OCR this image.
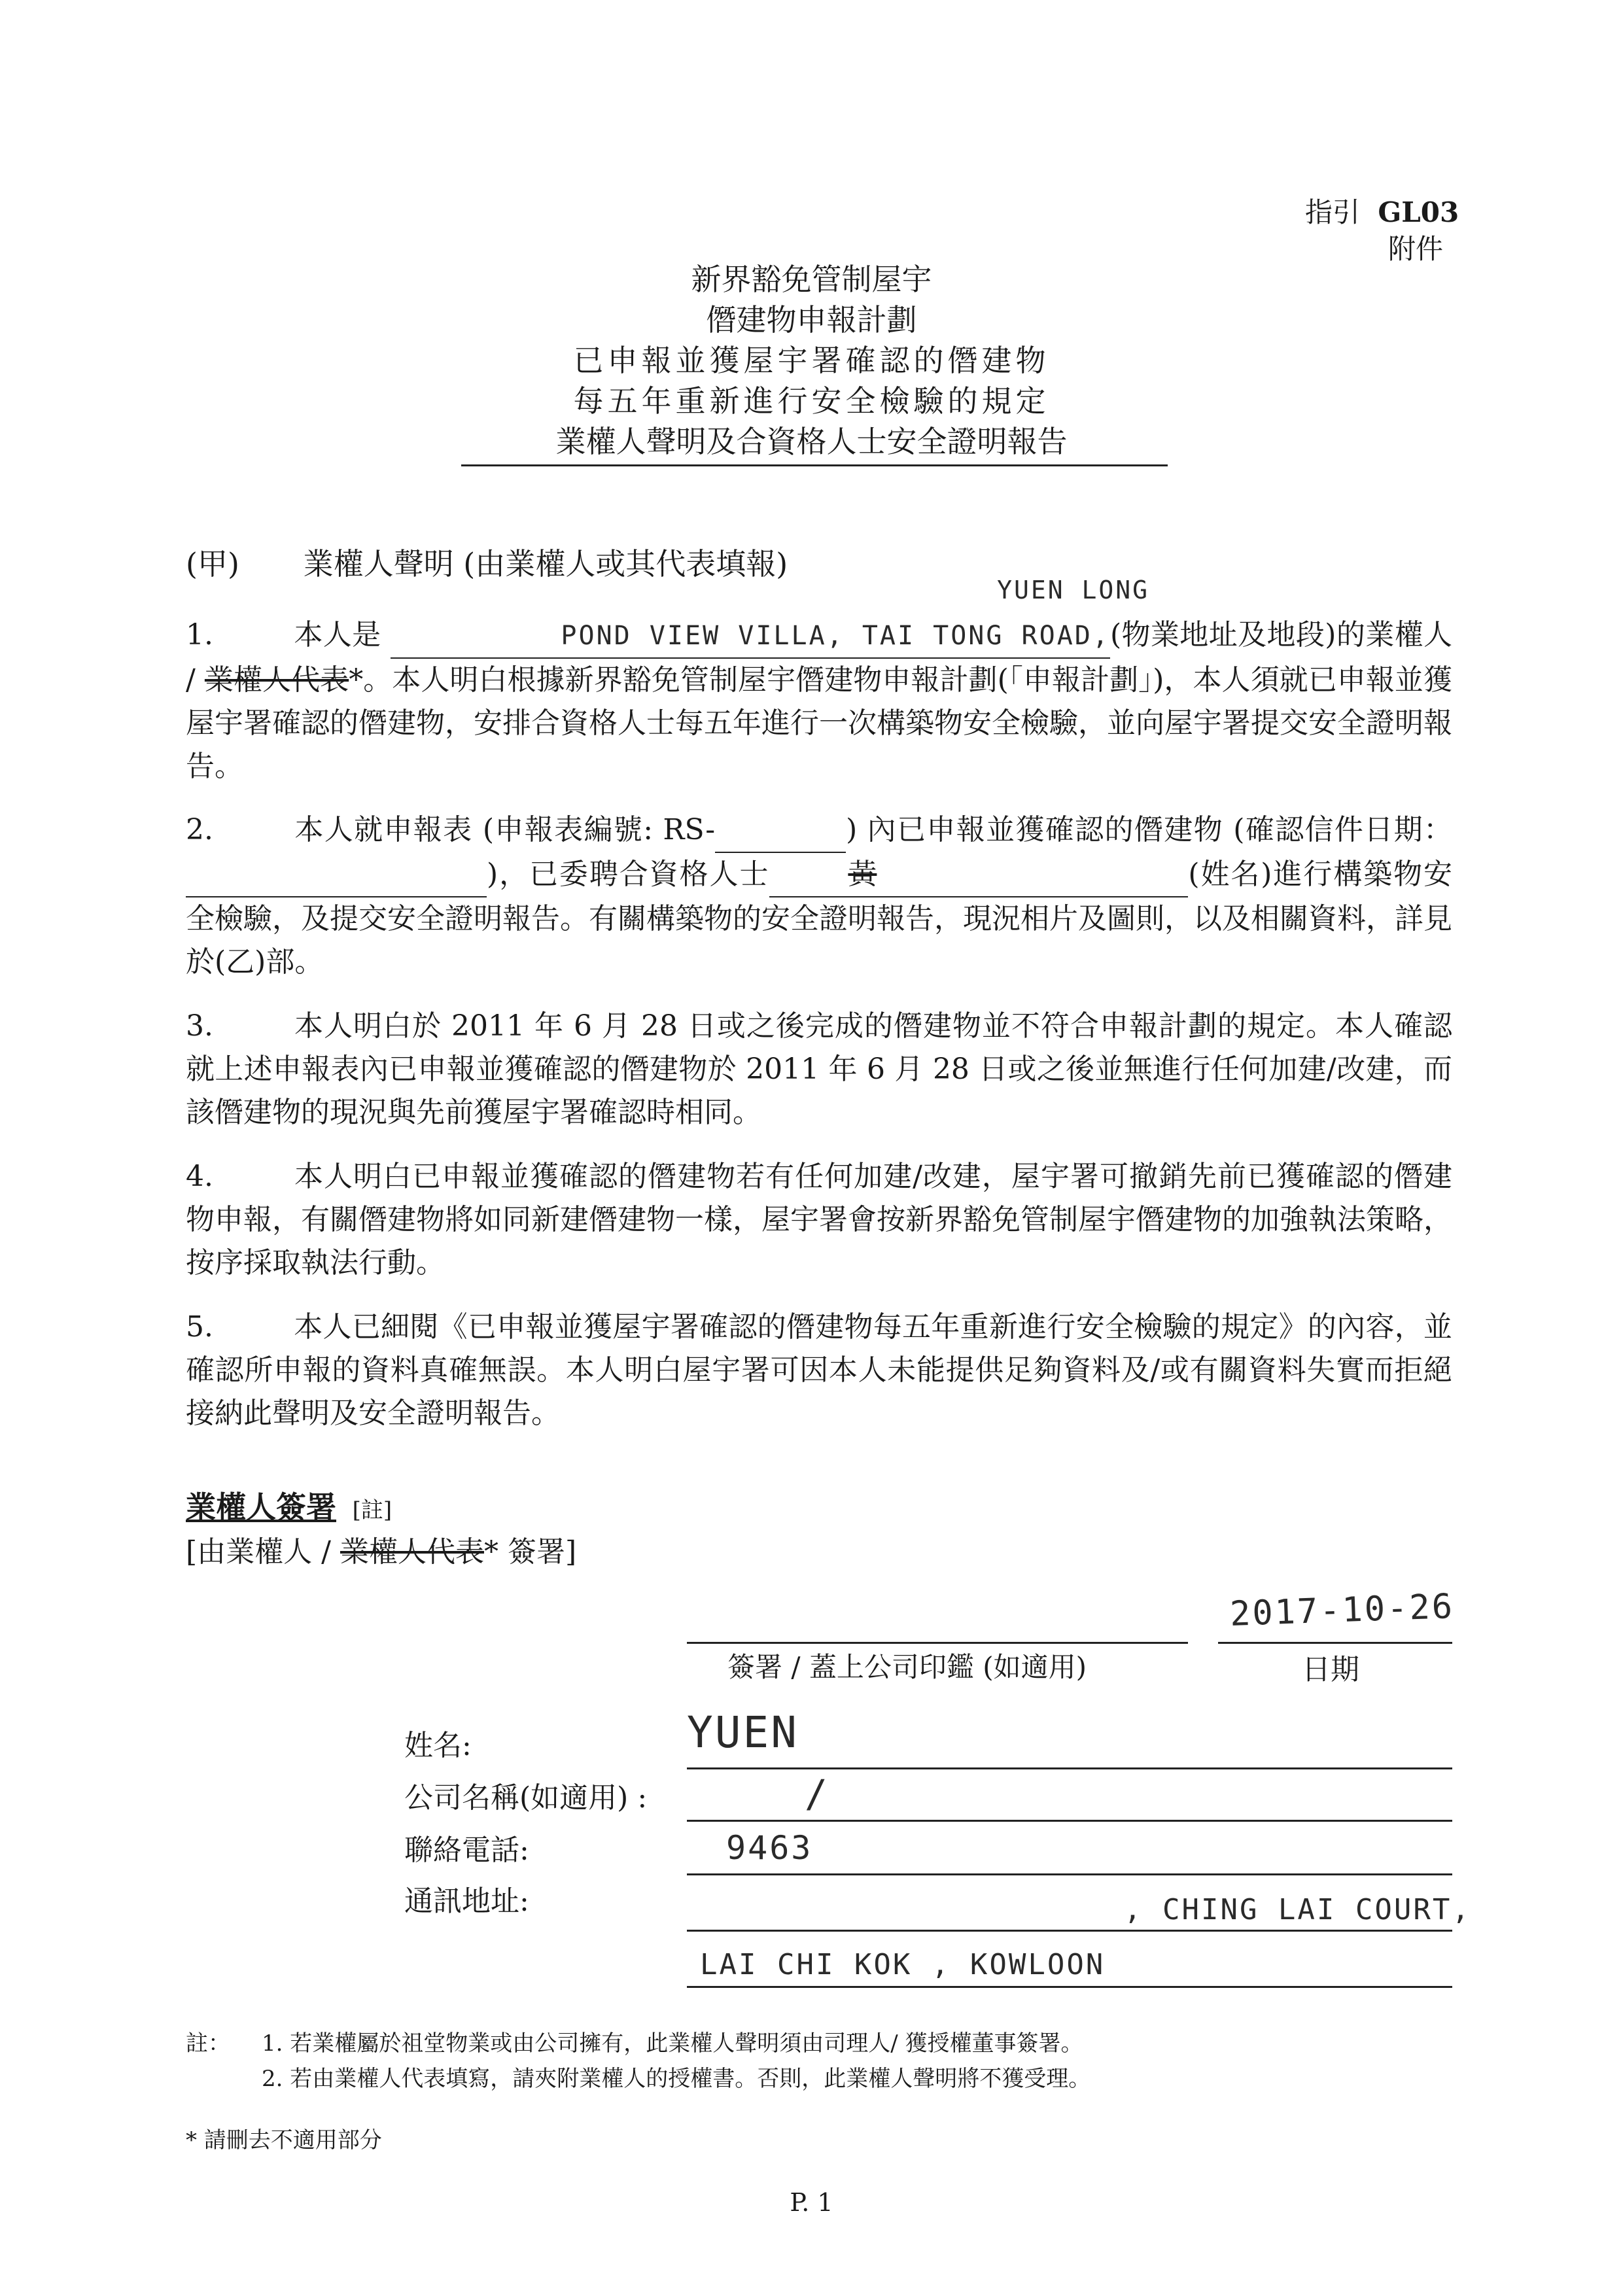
指引 GL03
附件
新界豁免管制屋宇
僭建物申報計劃
已申報並獲屋宇署確認的僭建物
每五年重新進行安全檢驗的規定
業權人聲明及合資格人士安全證明報告
(甲) 業權人聲明 (由業權人或其代表填報)
1.	本人是	POND VIEW VILLA, TAI TONG ROAD,
YUEN LONG
(物業地址及地段)的業權人 / 業權人代表*。本人明白根據新界豁免管制屋宇僭建物申報計劃(「申報計劃」)，本人須就已申報並獲屋宇署確認的僭建物，安排合資格人士每五年進行一次構築物安全檢驗，並向屋宇署提交安全證明報告。
2.	本人就申報表 (申報表編號: RS-	) 內已申報並獲確認的僭建物 (確認信件日期： )，已委聘合資格人士	黃	(姓名)進行構築物安全檢驗，及提交安全證明報告。有關構築物的安全證明報告，現況相片及圖則，以及相關資料，詳見於(乙)部。
3.	本人明白於 2011 年 6 月 28 日或之後完成的僭建物並不符合申報計劃的規定。本人確認就上述申報表內已申報並獲確認的僭建物於 2011 年 6 月 28 日或之後並無進行任何加建/改建，而該僭建物的現況與先前獲屋宇署確認時相同。
4.	本人明白已申報並獲確認的僭建物若有任何加建/改建，屋宇署可撤銷先前已獲確認的僭建物申報，有關僭建物將如同新建僭建物一樣，屋宇署會按新界豁免管制屋宇僭建物的加強執法策略，按序採取執法行動。
5.	本人已細閱《已申報並獲屋宇署確認的僭建物每五年重新進行安全檢驗的規定》的內容，並確認所申報的資料真確無誤。本人明白屋宇署可因本人未能提供足夠資料及/或有關資料失實而拒絕接納此聲明及安全證明報告。
業權人簽署 [註]
[由業權人 / 業權人代表* 簽署]
簽署 / 蓋上公司印鑑 (如適用)
2017-10-26
日期
姓名:	YUEN
公司名稱(如適用) :	/
聯絡電話:	9463
通訊地址:	, CHING LAI COURT,
LAI CHI KOK , KOWLOON
註： 1. 若業權屬於祖堂物業或由公司擁有，此業權人聲明須由司理人/ 獲授權董事簽署。
2. 若由業權人代表填寫，請夾附業權人的授權書。否則，此業權人聲明將不獲受理。
* 請刪去不適用部分
P. 1
